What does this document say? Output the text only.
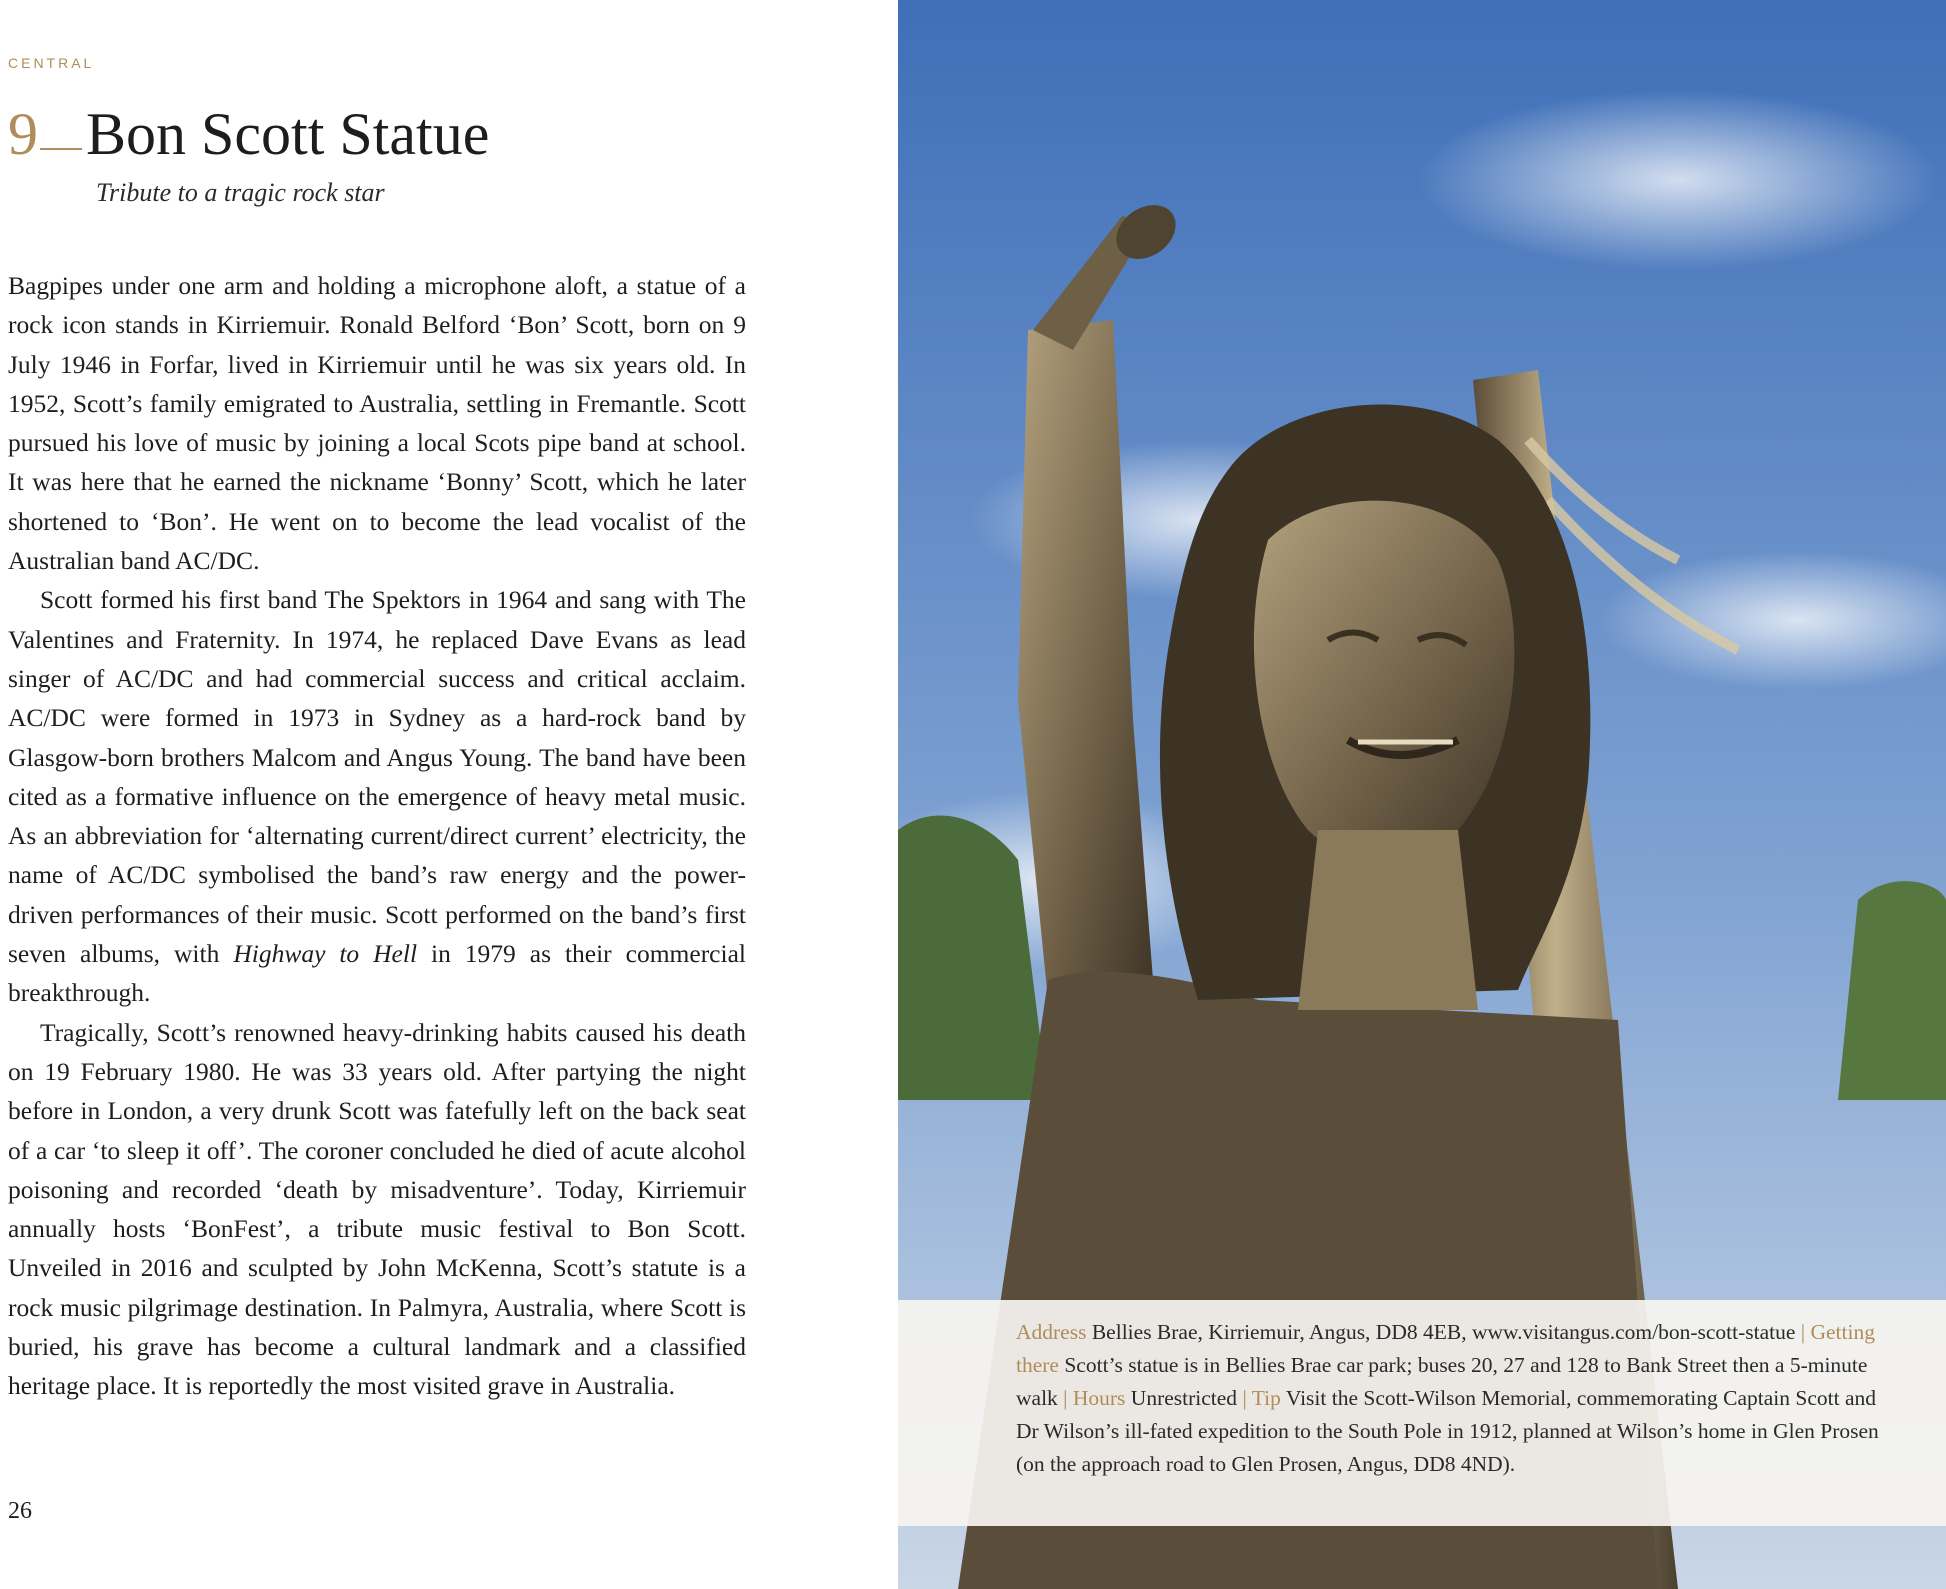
CENTRAL
9 Bon Scott Statue
Tribute to a tragic rock star

Bagpipes under one arm and holding a microphone aloft, a statue of a rock icon stands in Kirriemuir. Ronald Belford ‘Bon’ Scott, born on 9 July 1946 in Forfar, lived in Kirriemuir until he was six years old. In 1952, Scott’s family emigrated to Australia, settling in Fremantle. Scott pursued his love of music by joining a local Scots pipe band at school. It was here that he earned the nickname ‘Bonny’ Scott, which he later shortened to ‘Bon’. He went on to become the lead vocalist of the Australian band AC/DC.

Scott formed his first band The Spektors in 1964 and sang with The Valentines and Fraternity. In 1974, he replaced Dave Evans as lead singer of AC/DC and had commercial success and critical acclaim. AC/DC were formed in 1973 in Sydney as a hard-rock band by Glasgow-born brothers Malcom and Angus Young. The band have been cited as a formative influence on the emergence of heavy metal music. As an abbreviation for ‘alternating current/direct current’ electricity, the name of AC/DC symbolised the band’s raw energy and the power-driven performances of their music. Scott performed on the band’s first seven albums, with Highway to Hell in 1979 as their commercial breakthrough.

Tragically, Scott’s renowned heavy-drinking habits caused his death on 19 February 1980. He was 33 years old. After partying the night before in London, a very drunk Scott was fatefully left on the back seat of a car ‘to sleep it off’. The coroner concluded he died of acute alcohol poisoning and recorded ‘death by misadventure’. Today, Kirriemuir annually hosts ‘BonFest’, a tribute music festival to Bon Scott. Unveiled in 2016 and sculpted by John McKenna, Scott’s statute is a rock music pilgrimage destination. In Palmyra, Australia, where Scott is buried, his grave has become a cultural landmark and a classified heritage place. It is reportedly the most visited grave in Australia.

26
Address Bellies Brae, Kirriemuir, Angus, DD8 4EB, www.visitangus.com/bon-scott-statue | Getting there Scott’s statue is in Bellies Brae car park; buses 20, 27 and 128 to Bank Street then a 5-minute walk | Hours Unrestricted | Tip Visit the Scott-Wilson Memorial, commemorating Captain Scott and Dr Wilson’s ill-fated expedition to the South Pole in 1912, planned at Wilson’s home in Glen Prosen (on the approach road to Glen Prosen, Angus, DD8 4ND).
